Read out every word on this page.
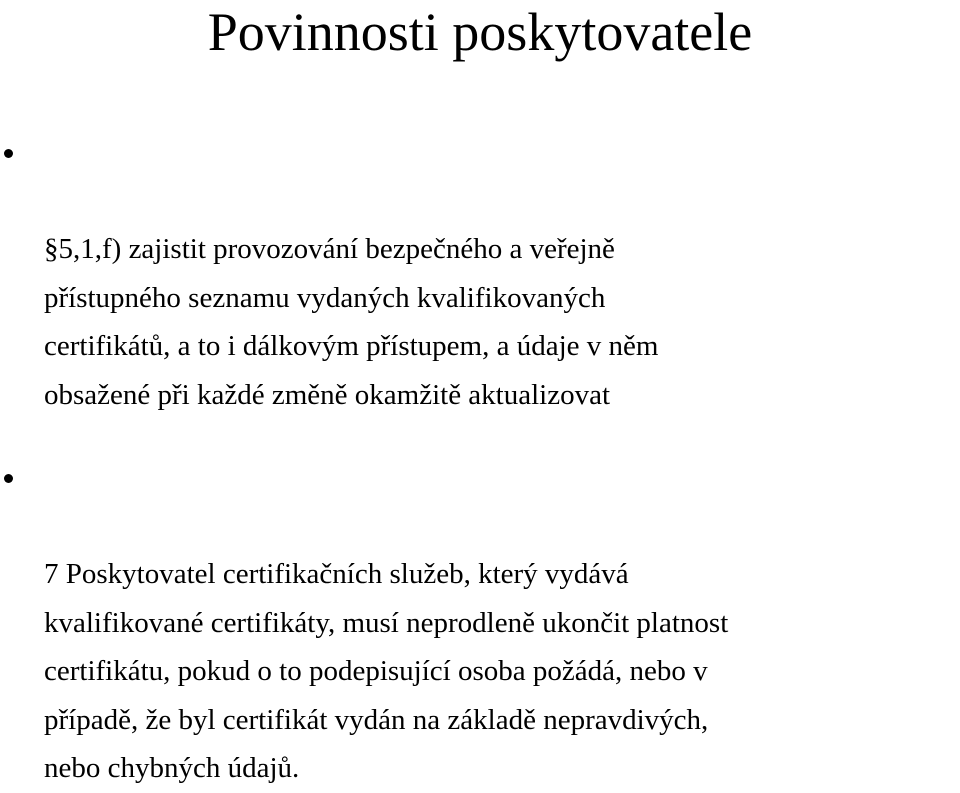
Povinnosti poskytovatele

§5,1,f) zajistit provozování bezpečného a veřejně
přístupného seznamu vydaných kvalifikovaných
certifikátů, a to i dálkovým přístupem, a údaje v něm
obsažené při každé změně okamžitě aktualizovat

7 Poskytovatel certifikačních služeb, který vydává
kvalifikované certifikáty, musí neprodleně ukončit platnost
certifikátu, pokud o to podepisující osoba požádá, nebo v
případě, že byl certifikát vydán na základě nepravdivých,
nebo chybných údajů.
